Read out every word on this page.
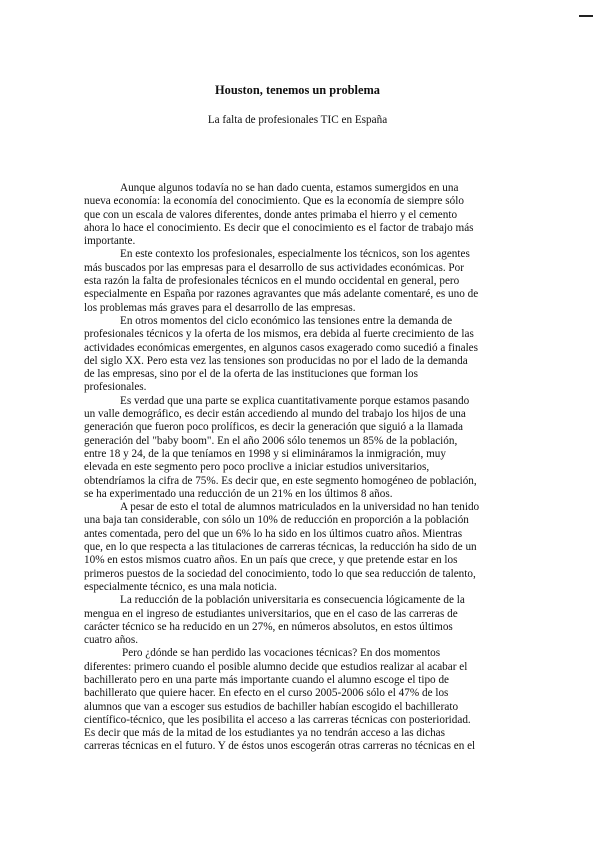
Houston, tenemos un problema
La falta de profesionales TIC en España

Aunque algunos todavía no se han dado cuenta, estamos sumergidos en una
nueva economía: la economía del conocimiento. Que es la economía de siempre sólo
que con un escala de valores diferentes, donde antes primaba el hierro y el cemento
ahora lo hace el conocimiento. Es decir que el conocimiento es el factor de trabajo más
importante.

En este contexto los profesionales, especialmente los técnicos, son los agentes
más buscados por las empresas para el desarrollo de sus actividades económicas. Por
esta razón la falta de profesionales técnicos en el mundo occidental en general, pero
especialmente en España por razones agravantes que más adelante comentaré, es uno de
los problemas más graves para el desarrollo de las empresas.

En otros momentos del ciclo económico las tensiones entre la demanda de
profesionales técnicos y la oferta de los mismos, era debida al fuerte crecimiento de las
actividades económicas emergentes, en algunos casos exagerado como sucedió a finales
del siglo XX. Pero esta vez las tensiones son producidas no por el lado de la demanda
de las empresas, sino por el de la oferta de las instituciones que forman los
profesionales.

Es verdad que una parte se explica cuantitativamente porque estamos pasando
un valle demográfico, es decir están accediendo al mundo del trabajo los hijos de una
generación que fueron poco prolíficos, es decir la generación que siguió a la llamada
generación del "baby boom". En el año 2006 sólo tenemos un 85% de la población,
entre 18 y 24, de la que teníamos en 1998 y si elimináramos la inmigración, muy
elevada en este segmento pero poco proclive a iniciar estudios universitarios,
obtendríamos la cifra de 75%. Es decir que, en este segmento homogéneo de población,
se ha experimentado una reducción de un 21% en los últimos 8 años.

A pesar de esto el total de alumnos matriculados en la universidad no han tenido
una baja tan considerable, con sólo un 10% de reducción en proporción a la población
antes comentada, pero del que un 6% lo ha sido en los últimos cuatro años. Mientras
que, en lo que respecta a las titulaciones de carreras técnicas, la reducción ha sido de un
10% en estos mismos cuatro años. En un país que crece, y que pretende estar en los
primeros puestos de la sociedad del conocimiento, todo lo que sea reducción de talento,
especialmente técnico, es una mala noticia.

La reducción de la población universitaria es consecuencia lógicamente de la
mengua en el ingreso de estudiantes universitarios, que en el caso de las carreras de
carácter técnico se ha reducido en un 27%, en números absolutos, en estos últimos
cuatro años.

Pero ¿dónde se han perdido las vocaciones técnicas? En dos momentos
diferentes: primero cuando el posible alumno decide que estudios realizar al acabar el
bachillerato pero en una parte más importante cuando el alumno escoge el tipo de
bachillerato que quiere hacer. En efecto en el curso 2005-2006 sólo el 47% de los
alumnos que van a escoger sus estudios de bachiller habían escogido el bachillerato
científico-técnico, que les posibilita el acceso a las carreras técnicas con posterioridad.
Es decir que más de la mitad de los estudiantes ya no tendrán acceso a las dichas
carreras técnicas en el futuro. Y de éstos unos escogerán otras carreras no técnicas en el
